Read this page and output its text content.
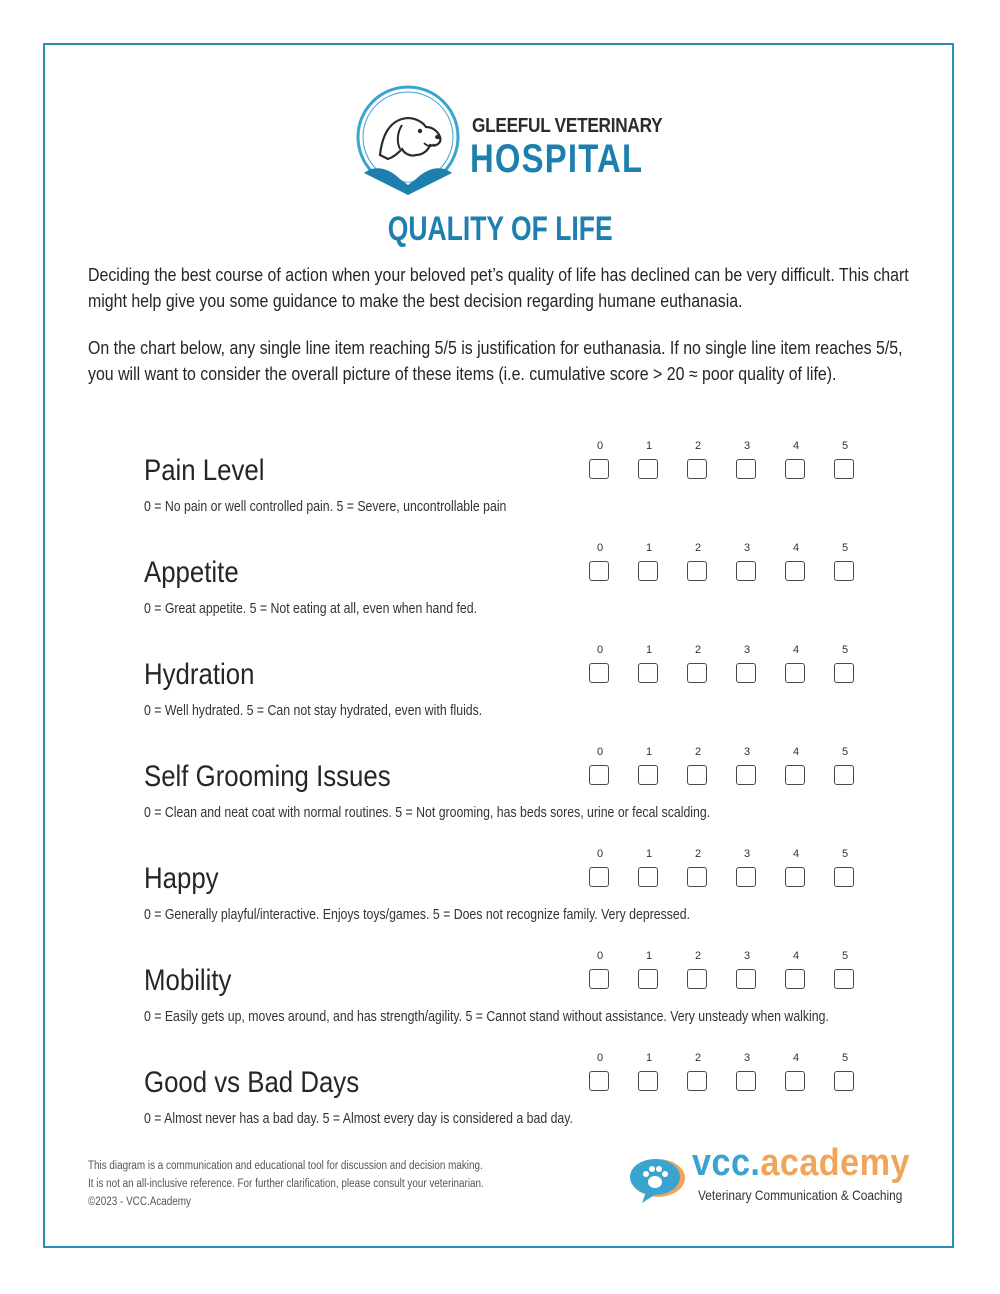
GLEEFUL VETERINARY
HOSPITAL
QUALITY OF LIFE
Deciding the best course of action when your beloved pet’s quality of life has declined can be very difficult. This chart might help give you some guidance to make the best decision regarding humane euthanasia.
On the chart below, any single line item reaching 5/5 is justification for euthanasia. If no single line item reaches 5/5, you will want to consider the overall picture of these items (i.e. cumulative score > 20 ≈ poor quality of life).
Pain Level
0 = No pain or well controlled pain. 5 = Severe, uncontrollable pain
0	1	2	3	4	5
Appetite
0 = Great appetite. 5 = Not eating at all, even when hand fed.
0	1	2	3	4	5
Hydration
0 = Well hydrated. 5 = Can not stay hydrated, even with fluids.
0	1	2	3	4	5
Self Grooming Issues
0 = Clean and neat coat with normal routines. 5 = Not grooming, has beds sores, urine or fecal scalding.
0	1	2	3	4	5
Happy
0 = Generally playful/interactive. Enjoys toys/games. 5 = Does not recognize family. Very depressed.
0	1	2	3	4	5
Mobility
0 = Easily gets up, moves around, and has strength/agility. 5 = Cannot stand without assistance. Very unsteady when walking.
0	1	2	3	4	5
Good vs Bad Days
0 = Almost never has a bad day. 5 = Almost every day is considered a bad day.
0	1	2	3	4	5
This diagram is a communication and educational tool for discussion and decision making.
It is not an all-inclusive reference. For further clarification, please consult your veterinarian.
©2023 - VCC.Academy
vcc.academy
Veterinary Communication & Coaching
